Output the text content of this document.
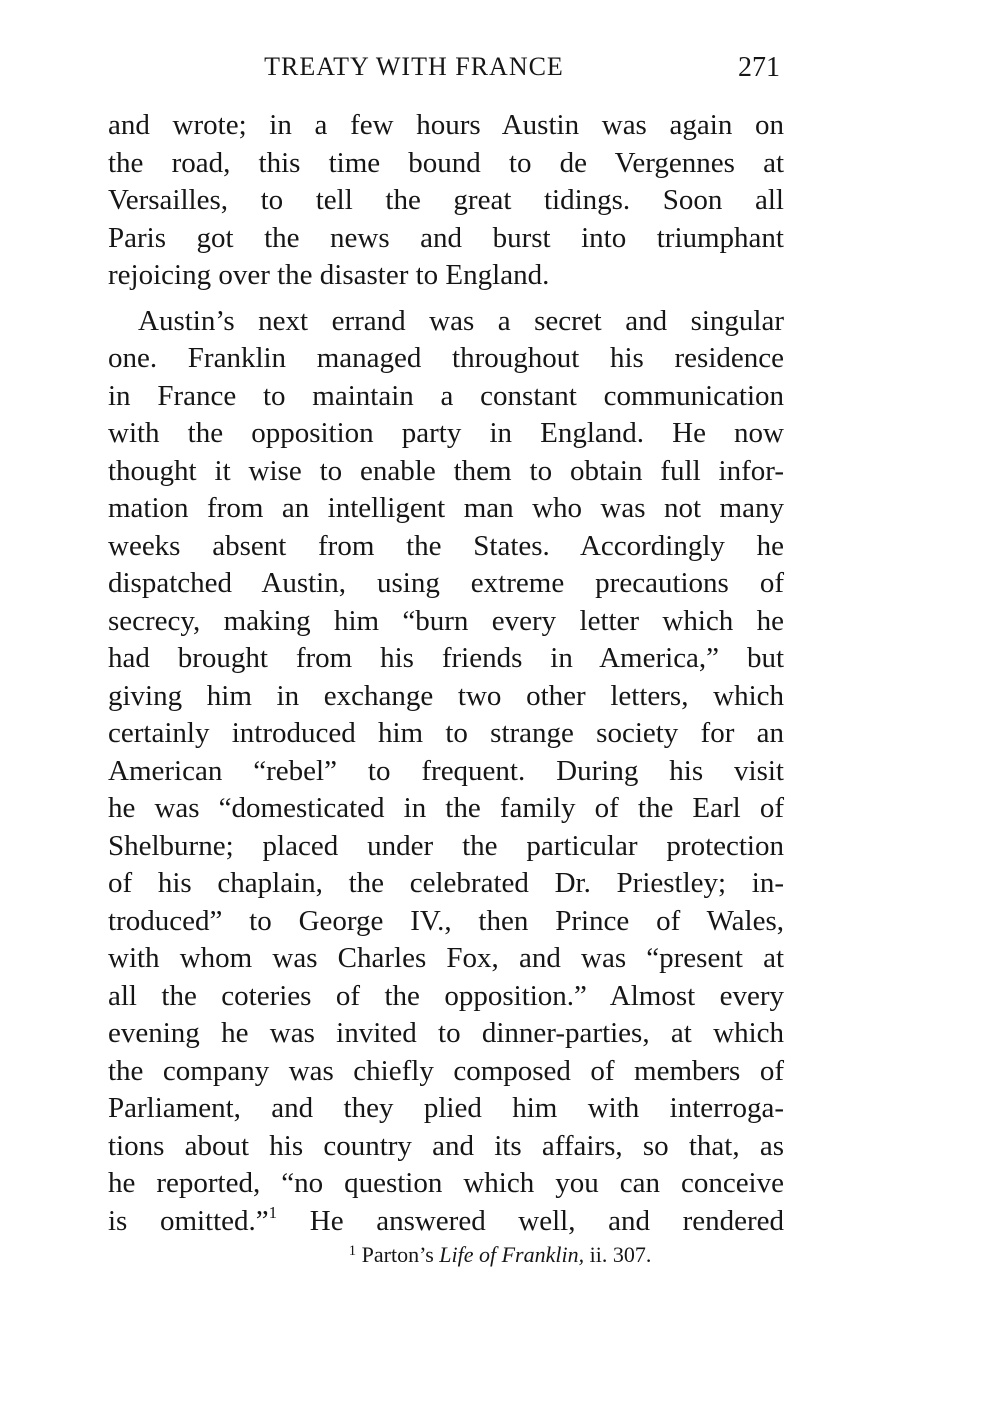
TREATY WITH FRANCE	271
and wrote; in a few hours Austin was again on
the road, this time bound to de Vergennes at
Versailles, to tell the great tidings. Soon all
Paris got the news and burst into triumphant
rejoicing over the disaster to England.
Austin’s next errand was a secret and singular
one. Franklin managed throughout his residence
in France to maintain a constant communication
with the opposition party in England. He now
thought it wise to enable them to obtain full infor-
mation from an intelligent man who was not many
weeks absent from the States. Accordingly he
dispatched Austin, using extreme precautions of
secrecy, making him “burn every letter which he
had brought from his friends in America,” but
giving him in exchange two other letters, which
certainly introduced him to strange society for an
American “rebel” to frequent. During his visit
he was “domesticated in the family of the Earl of
Shelburne; placed under the particular protection
of his chaplain, the celebrated Dr. Priestley; in-
troduced” to George IV., then Prince of Wales,
with whom was Charles Fox, and was “present at
all the coteries of the opposition.” Almost every
evening he was invited to dinner-parties, at which
the company was chiefly composed of members of
Parliament, and they plied him with interroga-
tions about his country and its affairs, so that, as
he reported, “no question which you can conceive
is omitted.”$^1$ He answered well, and rendered
$^1$ Parton’s Life of Franklin, ii. 307.
